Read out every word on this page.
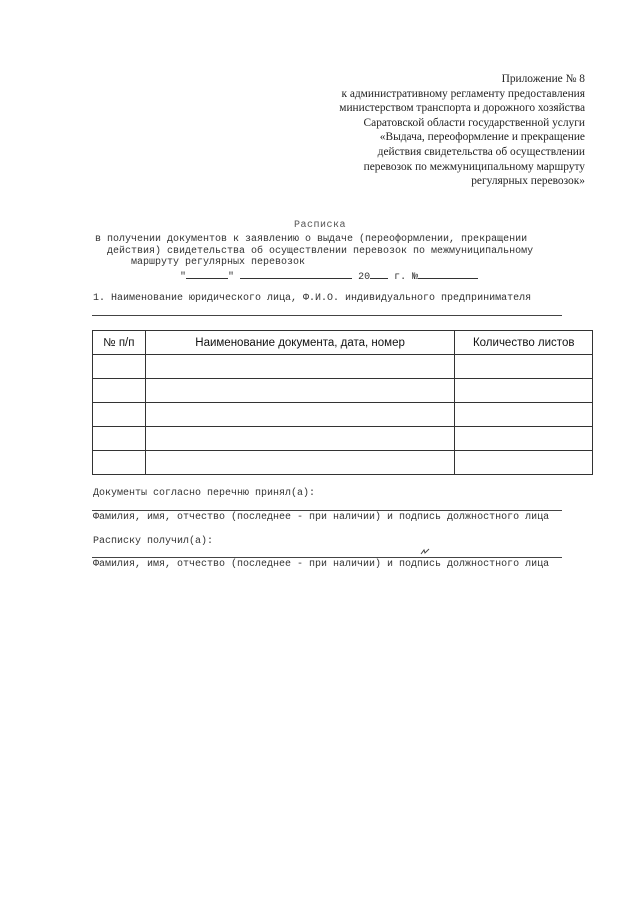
Приложение № 8
к административному регламенту предоставления
министерством транспорта и дорожного хозяйства
Саратовской области государственной услуги
«Выдача, переоформление и прекращение
действия свидетельства об осуществлении
перевозок по межмуниципальному маршруту
регулярных перевозок»
Расписка
в получении документов к заявлению о выдаче (переоформлении, прекращении
действия) свидетельства об осуществлении перевозок по межмуниципальному
маршруту регулярных перевозок
"	"	20 г. №
1. Наименование юридического лица, Ф.И.О. индивидуального предпринимателя
№ п/п	Наименование документа, дата, номер	Количество листов

Документы согласно перечню принял(а):
Фамилия, имя, отчество (последнее - при наличии) и подпись должностного лица
Расписку получил(а):
Фамилия, имя, отчество (последнее - при наличии) и подпись должностного лица
